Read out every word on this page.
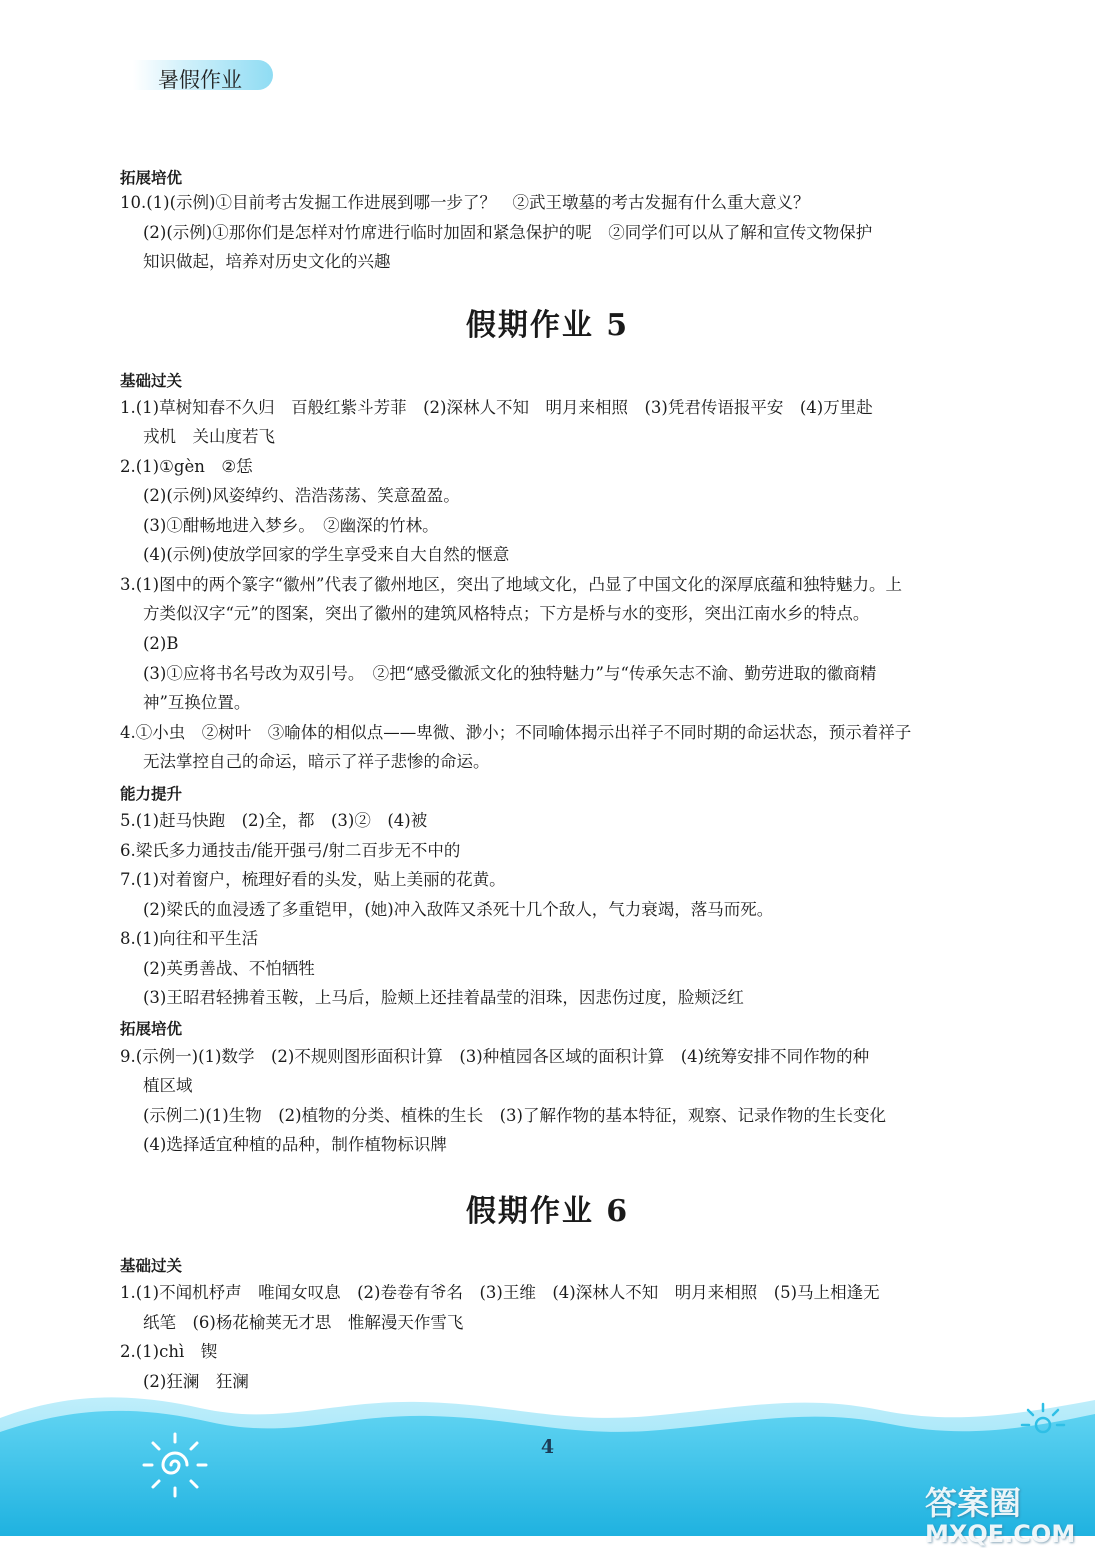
暑假作业
拓展培优
10.(1)(示例)①目前考古发掘工作进展到哪一步了？　②武王墩墓的考古发掘有什么重大意义？
(2)(示例)①那你们是怎样对竹席进行临时加固和紧急保护的呢　②同学们可以从了解和宣传文物保护
知识做起，培养对历史文化的兴趣
假期作业 5
基础过关
1.(1)草树知春不久归　百般红紫斗芳菲　(2)深林人不知　明月来相照　(3)凭君传语报平安　(4)万里赴
戎机　关山度若飞
2.(1)①gèn　②恁
(2)(示例)风姿绰约、浩浩荡荡、笑意盈盈。
(3)①酣畅地进入梦乡。　②幽深的竹林。
(4)(示例)使放学回家的学生享受来自大自然的惬意
3.(1)图中的两个篆字“徽州”代表了徽州地区，突出了地域文化，凸显了中国文化的深厚底蕴和独特魅力。上
方类似汉字“元”的图案，突出了徽州的建筑风格特点；下方是桥与水的变形，突出江南水乡的特点。
(2)B
(3)①应将书名号改为双引号。　②把“感受徽派文化的独特魅力”与“传承矢志不渝、勤劳进取的徽商精
神”互换位置。
4.①小虫　②树叶　③喻体的相似点——卑微、渺小；不同喻体揭示出祥子不同时期的命运状态，预示着祥子
无法掌控自己的命运，暗示了祥子悲惨的命运。
能力提升
5.(1)赶马快跑　(2)全，都　(3)②　(4)被
6.梁氏多力通技击/能开强弓/射二百步无不中的
7.(1)对着窗户，梳理好看的头发，贴上美丽的花黄。
(2)梁氏的血浸透了多重铠甲，(她)冲入敌阵又杀死十几个敌人，气力衰竭，落马而死。
8.(1)向往和平生活
(2)英勇善战、不怕牺牲
(3)王昭君轻拂着玉鞍，上马后，脸颊上还挂着晶莹的泪珠，因悲伤过度，脸颊泛红
拓展培优
9.(示例一)(1)数学　(2)不规则图形面积计算　(3)种植园各区域的面积计算　(4)统筹安排不同作物的种
植区域
(示例二)(1)生物　(2)植物的分类、植株的生长　(3)了解作物的基本特征，观察、记录作物的生长变化
(4)选择适宜种植的品种，制作植物标识牌
假期作业 6
基础过关
1.(1)不闻机杼声　唯闻女叹息　(2)卷卷有爷名　(3)王维　(4)深林人不知　明月来相照　(5)马上相逢无
纸笔　(6)杨花榆荚无才思　惟解漫天作雪飞
2.(1)chì　锲
(2)狂澜　狂澜
4
答案圈
MXQE.COM
